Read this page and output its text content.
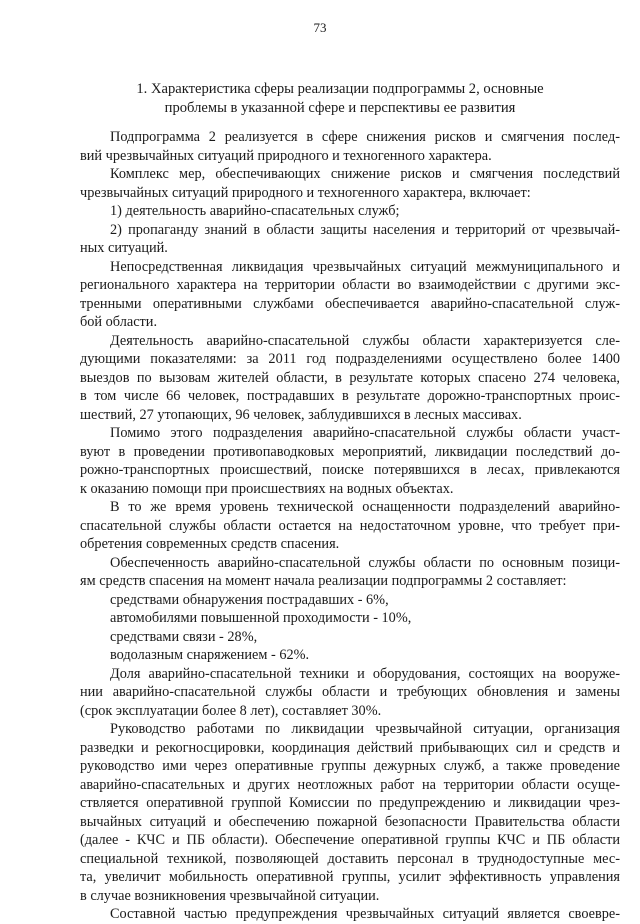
73
1. Характеристика сферы реализации подпрограммы 2, основные
проблемы в указанной сфере и перспективы ее развития
Подпрограмма 2 реализуется в сфере снижения рисков и смягчения послед-
вий чрезвычайных ситуаций природного и техногенного характера.
Комплекс мер, обеспечивающих снижение рисков и смягчения последствий
чрезвычайных ситуаций природного и техногенного характера, включает:
1) деятельность аварийно-спасательных служб;
2) пропаганду знаний в области защиты населения и территорий от чрезвычай-
ных ситуаций.
Непосредственная ликвидация чрезвычайных ситуаций межмуниципального и
регионального характера на территории области во взаимодействии с другими экс-
тренными оперативными службами обеспечивается аварийно-спасательной служ-
бой области.
Деятельность аварийно-спасательной службы области характеризуется сле-
дующими показателями: за 2011 год подразделениями осуществлено более 1400
выездов по вызовам жителей области, в результате которых спасено 274 человека,
в том числе 66 человек, пострадавших в результате дорожно-транспортных проис-
шествий, 27 утопающих, 96 человек, заблудившихся в лесных массивах.
Помимо этого подразделения аварийно-спасательной службы области участ-
вуют в проведении противопаводковых мероприятий, ликвидации последствий до-
рожно-транспортных происшествий, поиске потерявшихся в лесах, привлекаются
к оказанию помощи при происшествиях на водных объектах.
В то же время уровень технической оснащенности подразделений аварийно-
спасательной службы области остается на недостаточном уровне, что требует при-
обретения современных средств спасения.
Обеспеченность аварийно-спасательной службы области по основным позици-
ям средств спасения на момент начала реализации подпрограммы 2 составляет:
средствами обнаружения пострадавших - 6%,
автомобилями повышенной проходимости - 10%,
средствами связи - 28%,
водолазным снаряжением - 62%.
Доля аварийно-спасательной техники и оборудования, состоящих на вооруже-
нии аварийно-спасательной службы области и требующих обновления и замены
(срок эксплуатации более 8 лет), составляет 30%.
Руководство работами по ликвидации чрезвычайной ситуации, организация
разведки и рекогносцировки, координация действий прибывающих сил и средств и
руководство ими через оперативные группы дежурных служб, а также проведение
аварийно-спасательных и других неотложных работ на территории области осуще-
ствляется оперативной группой Комиссии по предупреждению и ликвидации чрез-
вычайных ситуаций и обеспечению пожарной безопасности Правительства области
(далее - КЧС и ПБ области). Обеспечение оперативной группы КЧС и ПБ области
специальной техникой, позволяющей доставить персонал в труднодоступные мес-
та, увеличит мобильность оперативной группы, усилит эффективность управления
в случае возникновения чрезвычайной ситуации.
Составной частью предупреждения чрезвычайных ситуаций является своевре-
